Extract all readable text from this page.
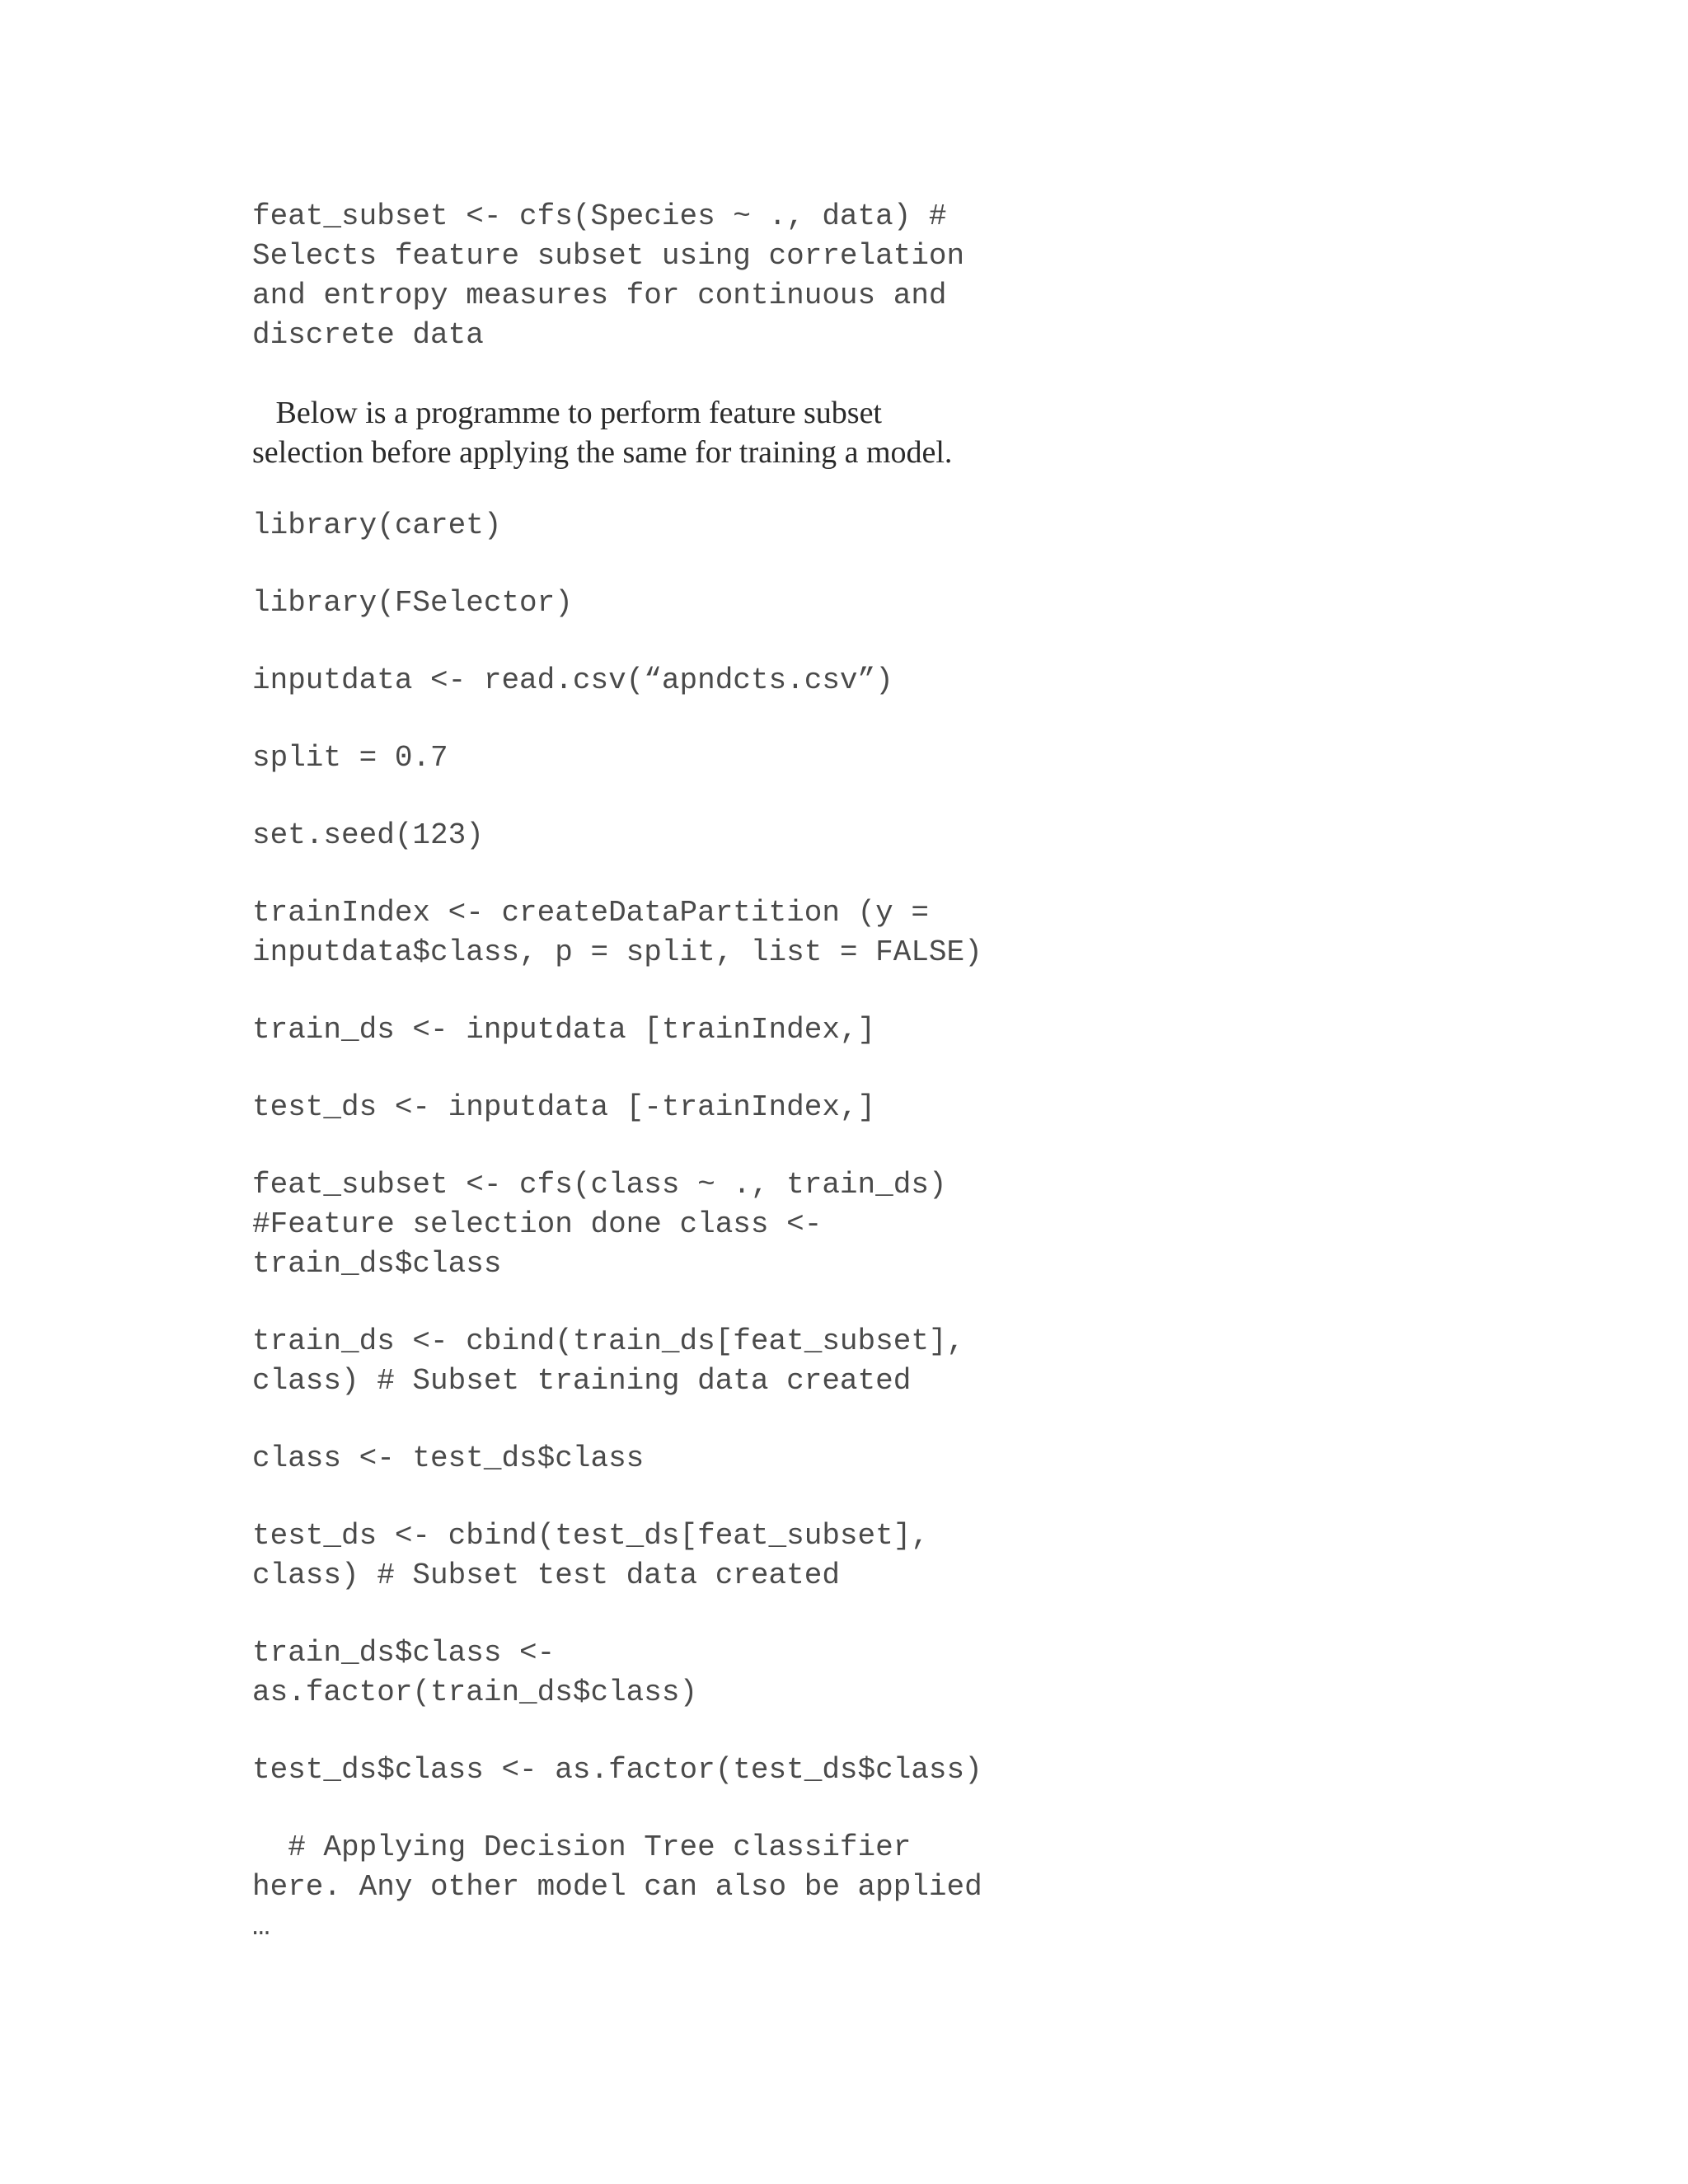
feat_subset <- cfs(Species ~ ., data) #
Selects feature subset using correlation
and entropy measures for continuous and
discrete data

Below is a programme to perform feature subset
selection before applying the same for training a model.

library(caret)
library(FSelector)
inputdata <- read.csv(“apndcts.csv”)
split = 0.7
set.seed(123)
trainIndex <- createDataPartition (y =
inputdata$class, p = split, list = FALSE)
train_ds <- inputdata [trainIndex,]
test_ds <- inputdata [-trainIndex,]
feat_subset <- cfs(class ~ ., train_ds)
#Feature selection done class <-
train_ds$class
train_ds <- cbind(train_ds[feat_subset],
class) # Subset training data created
class <- test_ds$class
test_ds <- cbind(test_ds[feat_subset],
class) # Subset test data created
train_ds$class <-
as.factor(train_ds$class)
test_ds$class <- as.factor(test_ds$class)
# Applying Decision Tree classifier
here. Any other model can also be applied
…
